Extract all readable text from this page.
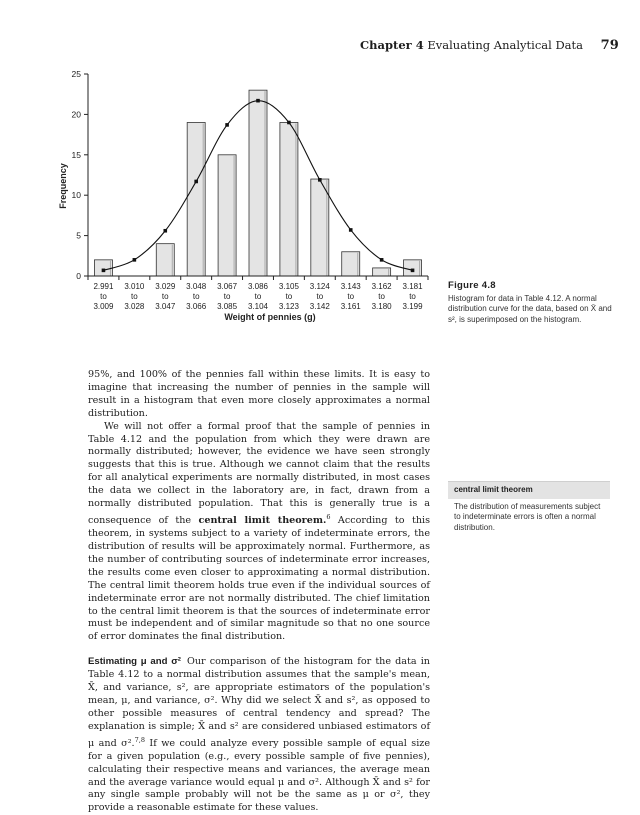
Chapter 4 Evaluating Analytical Data 79
0
5
10
15
20
25
2.991
to
3.009
3.010
to
3.028
3.029
to
3.047
3.048
to
3.066
3.067
to
3.085
3.086
to
3.104
3.105
to
3.123
3.124
to
3.142
3.143
to
3.161
3.162
to
3.180
3.181
to
3.199
Frequency
Weight of pennies (g)
Figure 4.8
Histogram for data in Table 4.12. A normal distribution curve for the data, based on X̄ and s², is superimposed on the histogram.
central limit theorem
The distribution of measurements subject to indeterminate errors is often a normal distribution.

95%, and 100% of the pennies fall within these limits. It is easy to imagine that increasing the number of pennies in the sample will result in a histogram that even more closely approximates a normal distribution.

We will not offer a formal proof that the sample of pennies in Table 4.12 and the population from which they were drawn are normally distributed; however, the evidence we have seen strongly suggests that this is true. Although we cannot claim that the results for all analytical experiments are normally distributed, in most cases the data we collect in the laboratory are, in fact, drawn from a normally distributed population. That this is generally true is a consequence of the central limit theorem.$^6$ According to this theorem, in systems subject to a variety of indeterminate errors, the distribution of results will be approximately normal. Furthermore, as the number of contributing sources of indeterminate error increases, the results come even closer to approximating a normal distribution. The central limit theorem holds true even if the individual sources of indeterminate error are not normally distributed. The chief limitation to the central limit theorem is that the sources of indeterminate error must be independent and of similar magnitude so that no one source of error dominates the final distribution.

Estimating μ and σ² Our comparison of the histogram for the data in Table 4.12 to a normal distribution assumes that the sample's mean, X̄, and variance, s², are appropriate estimators of the population's mean, μ, and variance, σ². Why did we select X̄ and s², as opposed to other possible measures of central tendency and spread? The explanation is simple; X̄ and s² are considered unbiased estimators of μ and σ².$^{7,8}$ If we could analyze every possible sample of equal size for a given population (e.g., every possible sample of five pennies), calculating their respective means and variances, the average mean and the average variance would equal μ and σ². Although X̄ and s² for any single sample probably will not be the same as μ or σ², they provide a reasonable estimate for these values.
